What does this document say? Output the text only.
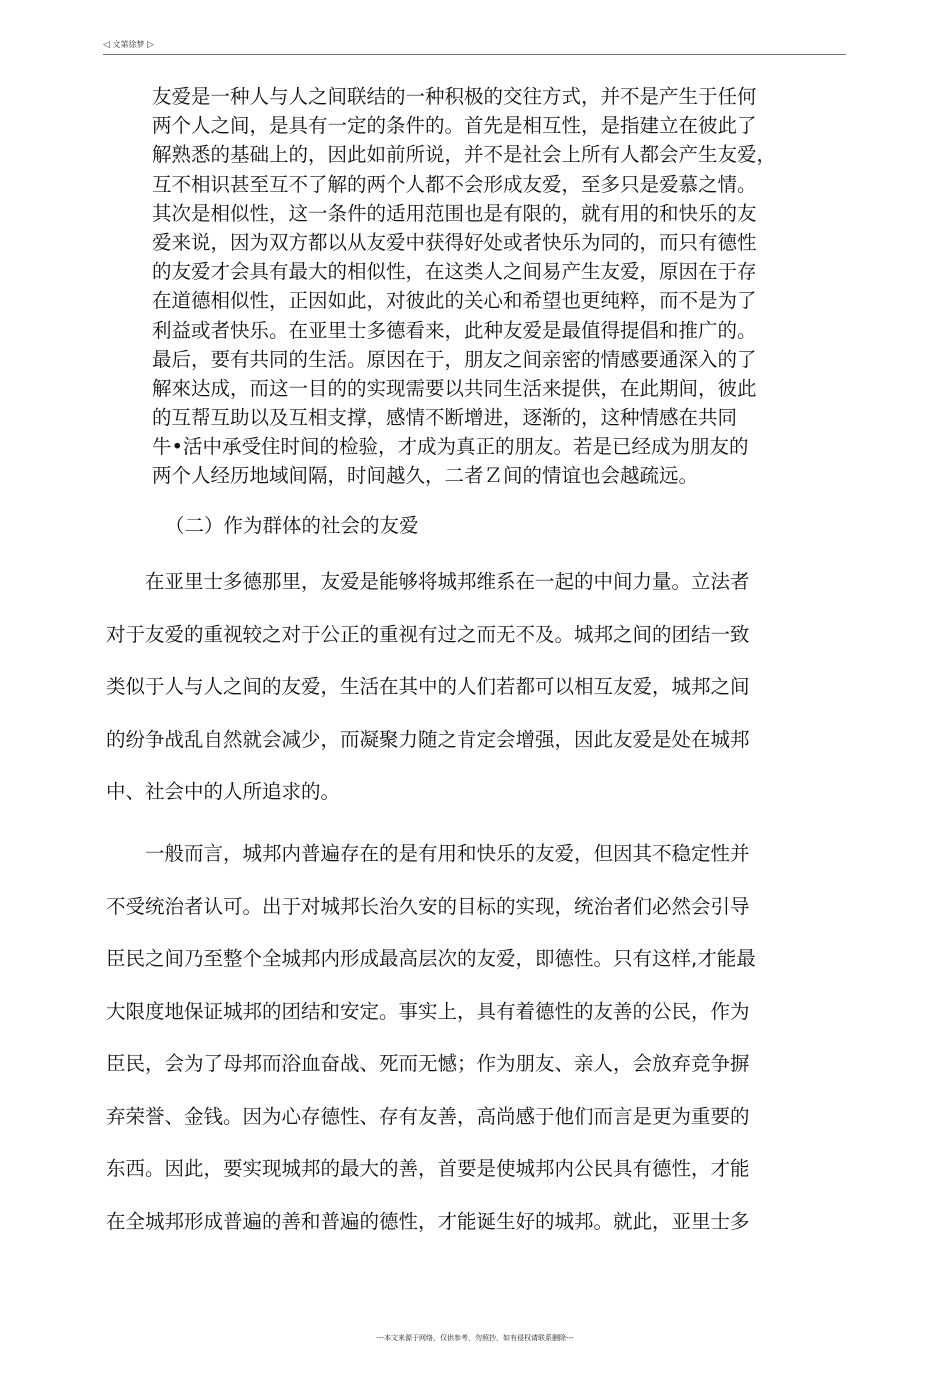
◁ 文第徐梦 ▷
友爱是一种人与人之间联结的一种积极的交往方式，并不是产生于任何
两个人之间，是具有一定的条件的。首先是相互性，是指建立在彼此了
解熟悉的基础上的，因此如前所说，并不是社会上所有人都会产生友爱，
互不相识甚至互不了解的两个人都不会形成友爱，至多只是爱慕之情。
其次是相似性，这一条件的适用范围也是有限的，就有用的和快乐的友
爱来说，因为双方都以从友爱中获得好处或者快乐为同的，而只有德性
的友爱才会具有最大的相似性，在这类人之间易产生友爱，原因在于存
在道德相似性，正因如此，对彼此的关心和希望也更纯粹，而不是为了
利益或者快乐。在亚里士多德看来，此种友爱是最值得提倡和推广的。
最后，要有共同的生活。原因在于，朋友之间亲密的情感要通深入的了
解來达成，而这一目的的实现需要以共同生活来提供，在此期间，彼此
的互帮互助以及互相支撑，感情不断增进，逐渐的，这种情感在共同
牛•活中承受住时间的检验，才成为真正的朋友。若是已经成为朋友的
两个人经历地域间隔，时间越久，二者Ｚ间的情谊也会越疏远。
（二）作为群体的社会的友爱
　　在亚里士多德那里，友爱是能够将城邦维系在一起的中间力量。立法者
对于友爱的重视较之对于公正的重视有过之而无不及。城邦之间的团结一致
类似于人与人之间的友爱，生活在其中的人们若都可以相互友爱，城邦之间
的纷争战乱自然就会减少，而凝聚力随之肯定会增强，因此友爱是处在城邦
中、社会中的人所追求的。
　　一般而言，城邦内普遍存在的是有用和快乐的友爱，但因其不稳定性并
不受统治者认可。出于对城邦长治久安的目标的实现，统治者们必然会引导
臣民之间乃至整个全城邦内形成最高层次的友爱，即德性。只有这样,才能最
大限度地保证城邦的团结和安定。事实上，具有着德性的友善的公民，作为
臣民，会为了母邦而浴血奋战、死而无憾；作为朋友、亲人，会放弃竞争摒
弃荣誉、金钱。因为心存德性、存有友善，高尚感于他们而言是更为重要的
东西。因此，要实现城邦的最大的善，首要是使城邦内公民具有德性，才能
在全城邦形成普遍的善和普遍的德性，才能诞生好的城邦。就此，亚里士多
---本文来源于网络，仅供参考，勿照抄，如有侵权请联系删除---
